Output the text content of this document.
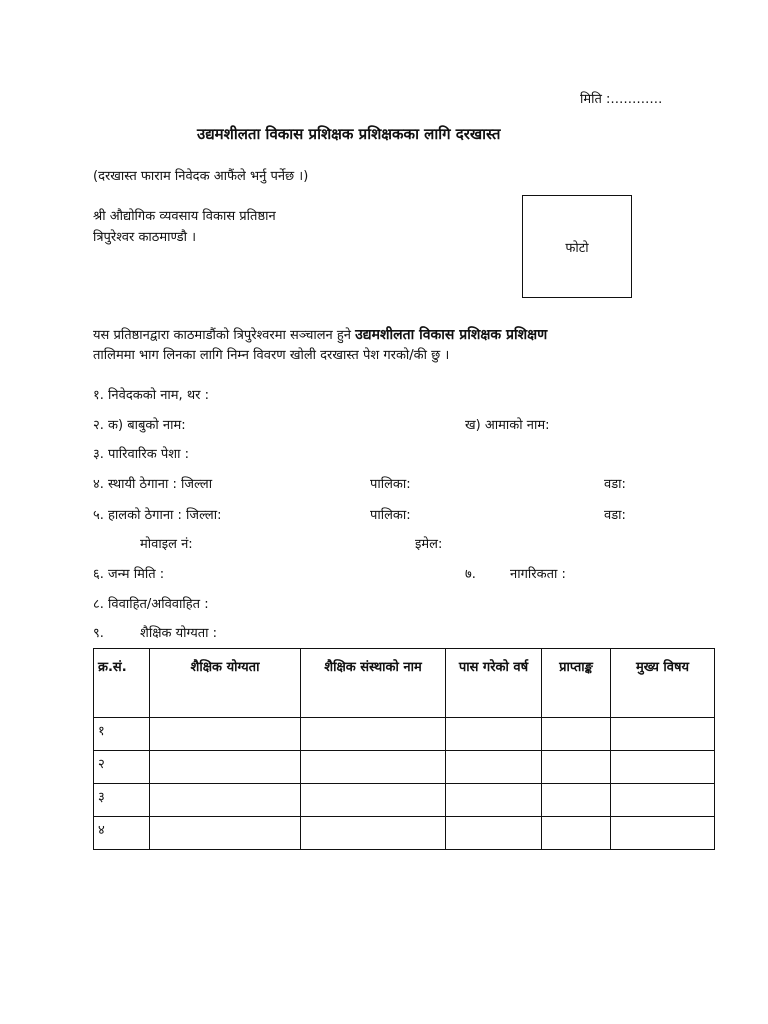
मिति :…………
उद्यमशीलता विकास प्रशिक्षक प्रशिक्षकका लागि दरखास्त
(दरखास्त फाराम निवेदक आफैंले भर्नु पर्नेछ ।)
श्री औद्योगिक व्यवसाय विकास प्रतिष्ठान
त्रिपुरेश्वर काठमाण्डौ ।
फोटो
यस प्रतिष्ठानद्वारा काठमाडौंको त्रिपुरेश्वरमा सञ्चालन हुने उद्यमशीलता विकास प्रशिक्षक प्रशिक्षण
तालिममा भाग लिनका लागि निम्न विवरण खोली दरखास्त पेश गरको/की छु ।
१. निवेदकको नाम, थर :
२. क) बाबुको नाम:	ख) आमाको नाम:
३. पारिवारिक पेशा :
४. स्थायी ठेगाना : जिल्ला	पालिका:	वडा:
५. हालको ठेगाना : जिल्ला:	पालिका:	वडा:
मोवाइल नं:	इमेल:
६. जन्म मिति :	७.	नागरिकता :
८. विवाहित/अविवाहित :
९.	शैक्षिक योग्यता :
क्र.सं.	शैक्षिक योग्यता	शैक्षिक संस्थाको नाम	पास गरेको वर्ष	प्राप्ताङ्क	मुख्य विषय
१					
२					
३					
४					
